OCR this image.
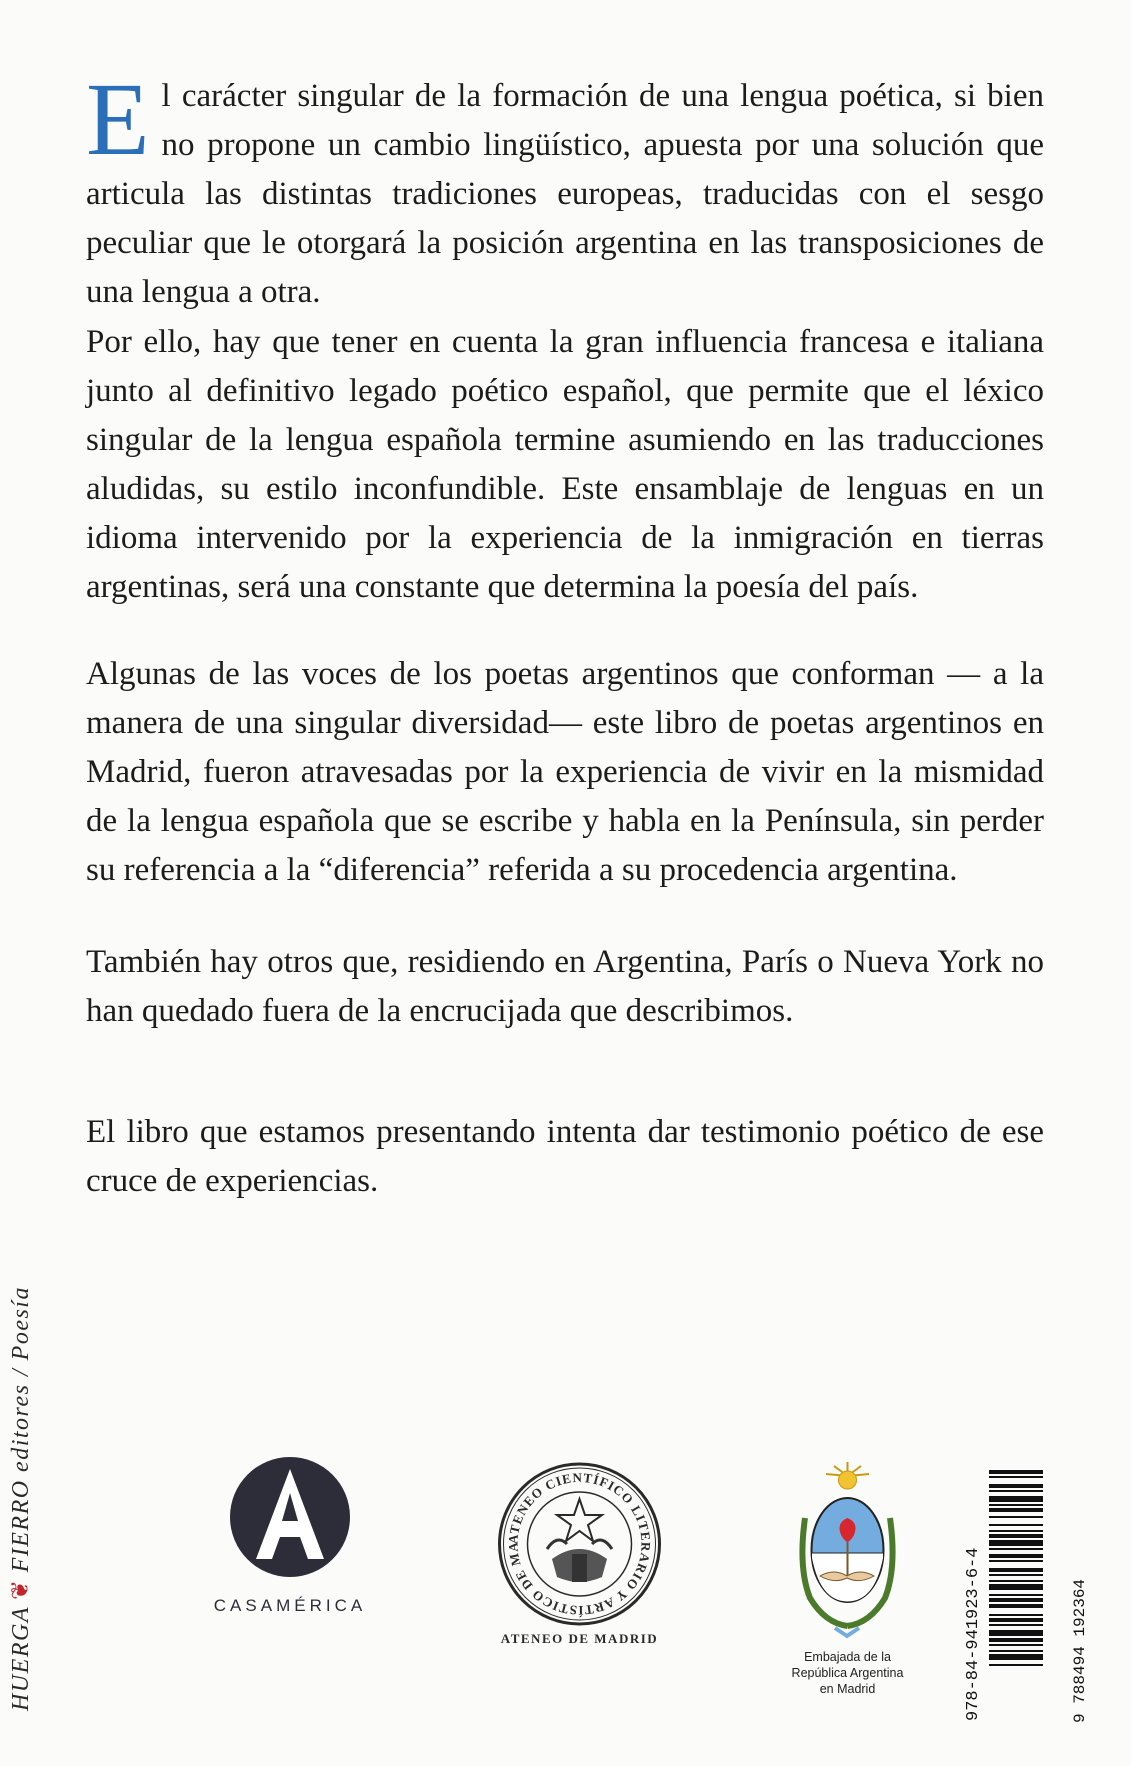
El carácter singular de la formación de una lengua poética, si bien no propone un cambio lingüístico, apuesta por una solución que articula las distintas tradiciones europeas, traducidas con el sesgo peculiar que le otorgará la posición argentina en las transposiciones de una lengua a otra.

Por ello, hay que tener en cuenta la gran influencia francesa e italiana junto al definitivo legado poético español, que permite que el léxico singular de la lengua española termine asumiendo en las traducciones aludidas, su estilo inconfundible. Este ensamblaje de lenguas en un idioma intervenido por la experiencia de la inmigración en tierras argentinas, será una constante que determina la poesía del país.

Algunas de las voces de los poetas argentinos que conforman — a la manera de una singular diversidad— este libro de poetas argentinos en Madrid, fueron atravesadas por la experiencia de vivir en la mismidad de la lengua española que se escribe y habla en la Península, sin perder su referencia a la “diferencia” referida a su procedencia argentina.

También hay otros que, residiendo en Argentina, París o Nueva York no han quedado fuera de la encrucijada que describimos.

El libro que estamos presentando intenta dar testimonio poético de ese cruce de experiencias.

HUERGA❦FIERRO editores / Poesía
CASAMÉRICA
ATENEO CIENTÍFICO LITERARIO Y ARTÍSTICO DE MA
ATENEO DE MADRID
Embajada de la
República Argentina
en Madrid	978-84-941923-6-4	9 788494 192364
